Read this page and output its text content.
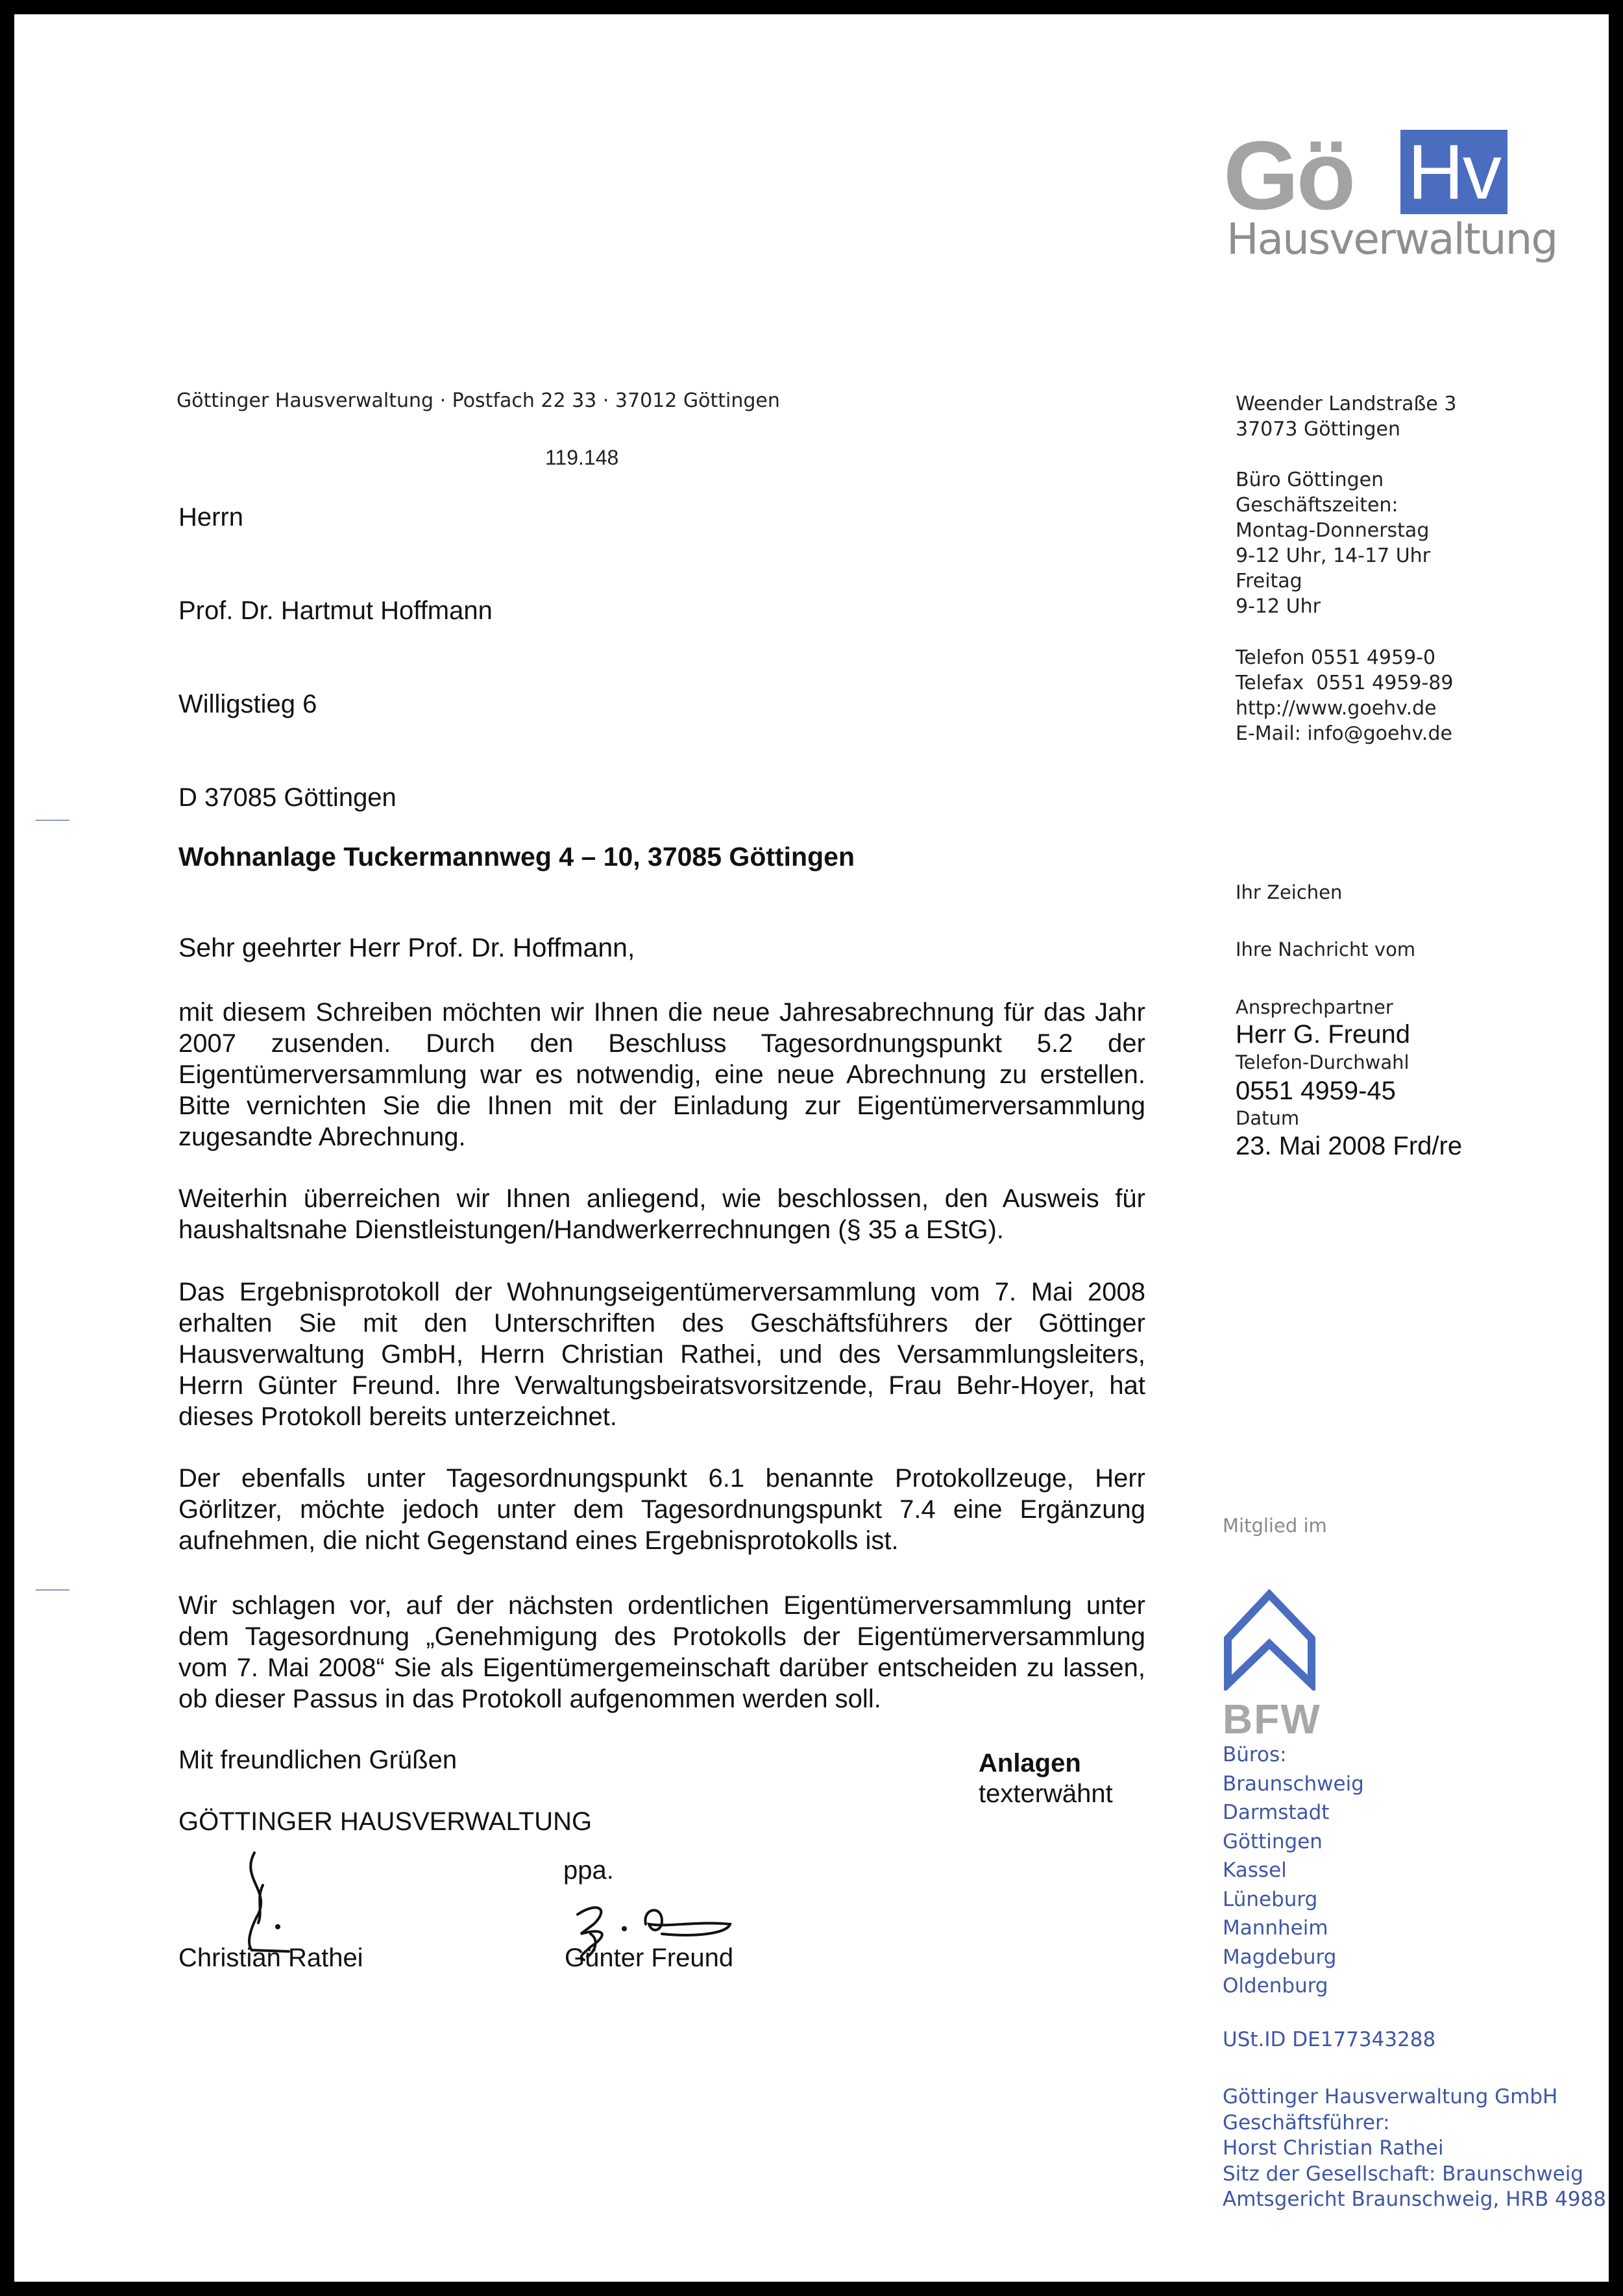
Gö Hv
Hausverwaltung
Göttinger Hausverwaltung · Postfach 22 33 · 37012 Göttingen

Herrn

Prof. Dr. Hartmut Hoffmann

Willigstieg 6

D 37085 Göttingen

119.148
Weender Landstraße 3
37073 Göttingen
Büro Göttingen
Geschäftszeiten:
Montag-Donnerstag
9-12 Uhr, 14-17 Uhr
Freitag
9-12 Uhr
Telefon 0551 4959-0
Telefax  0551 4959-89
http://www.goehv.de
E-Mail: info@goehv.de
Ihr Zeichen
Ihre Nachricht vom
Ansprechpartner
Herr G. Freund
Telefon-Durchwahl
0551 4959-45
Datum
23. Mai 2008 Frd/re
Wohnanlage Tuckermannweg 4 – 10, 37085 Göttingen
Sehr geehrter Herr Prof. Dr. Hoffmann,
mit diesem Schreiben möchten wir Ihnen die neue Jahresabrechnung für das Jahr 2007 zusenden. Durch den Beschluss Tagesordnungspunkt 5.2 der Eigentümerversammlung war es notwendig, eine neue Abrechnung zu erstellen. Bitte vernichten Sie die Ihnen mit der Einladung zur Eigentümerversammlung zugesandte Abrechnung.
Weiterhin überreichen wir Ihnen anliegend, wie beschlossen, den Ausweis für haushaltsnahe Dienstleistungen/Handwerkerrechnungen (§ 35 a EStG).
Das Ergebnisprotokoll der Wohnungseigentümerversammlung vom 7. Mai 2008 erhalten Sie mit den Unterschriften des Geschäftsführers der Göttinger Hausverwaltung GmbH, Herrn Christian Rathei, und des Versammlungsleiters, Herrn Günter Freund. Ihre Verwaltungsbeiratsvorsitzende, Frau Behr-Hoyer, hat dieses Protokoll bereits unterzeichnet.
Der ebenfalls unter Tagesordnungspunkt 6.1 benannte Protokollzeuge, Herr Görlitzer, möchte jedoch unter dem Tagesordnungspunkt 7.4 eine Ergänzung aufnehmen, die nicht Gegenstand eines Ergebnisprotokolls ist.
Wir schlagen vor, auf der nächsten ordentlichen Eigentümerversammlung unter dem Tagesordnung „Genehmigung des Protokolls der Eigentümerversammlung vom 7. Mai 2008“ Sie als Eigentümergemeinschaft darüber entscheiden zu lassen, ob dieser Passus in das Protokoll aufgenommen werden soll.
Mit freundlichen Grüßen	Anlagen
texterwähnt
GÖTTINGER HAUSVERWALTUNG
ppa.
Christian Rathei	Günter Freund
Mitglied im
BFW
Büros:
Braunschweig
Darmstadt
Göttingen
Kassel
Lüneburg
Mannheim
Magdeburg
Oldenburg
USt.ID DE177343288
Göttinger Hausverwaltung GmbH
Geschäftsführer:
Horst Christian Rathei
Sitz der Gesellschaft: Braunschweig
Amtsgericht Braunschweig, HRB 4988
